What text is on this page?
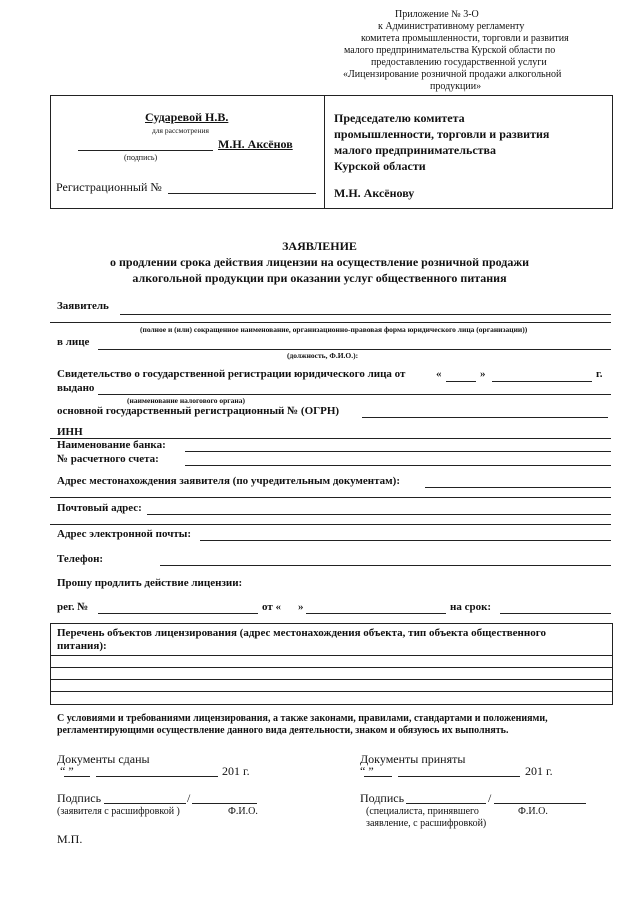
Приложение № 3-О
к Административному регламенту
комитета промышленности, торговли и развития
малого предпринимательства Курской области по
предоставлению государственной услуги
«Лицензирование розничной продажи алкогольной
продукции»
Сударевой Н.В.
для рассмотрения
М.Н. Аксёнов
(подпись)
Регистрационный №
Председателю комитета
промышленности, торговли и развития
малого предпринимательства
Курской области
М.Н. Аксёнову
ЗАЯВЛЕНИЕ
о продлении срока действия лицензии на осуществление розничной продажи
алкогольной продукции при оказании услуг общественного питания
Заявитель
(полное и (или) сокращенное наименование, организационно-правовая форма юридического лица (организации))
в лице
(должность, Ф.И.О.):
Свидетельство о государственной регистрации юридического лица от	«	»	г.
выдано
(наименование налогового органа)
основной государственный регистрационный № (ОГРН)
ИНН
Наименование банка:
№ расчетного счета:
Адрес местонахождения заявителя (по учредительным документам):
Почтовый адрес:
Адрес электронной почты:
Телефон:
Прошу продлить действие лицензии:
рег. №	от « »	на срок:
Перечень объектов лицензирования (адрес местонахождения объекта, тип объекта общественного
питания):
С условиями и требованиями лицензирования, а также законами, правилами, стандартами и положениями,
регламентирующими осуществление данного вида деятельности, знаком и обязуюсь их выполнять.
Документы сданы
“ ”	201 г.
Подпись	/
(заявителя с расшифровкой )	Ф.И.О.
М.П.
Документы приняты
“ ”	201 г.
Подпись	/
(специалиста, принявшего	Ф.И.О.
заявление, с расшифровкой)
